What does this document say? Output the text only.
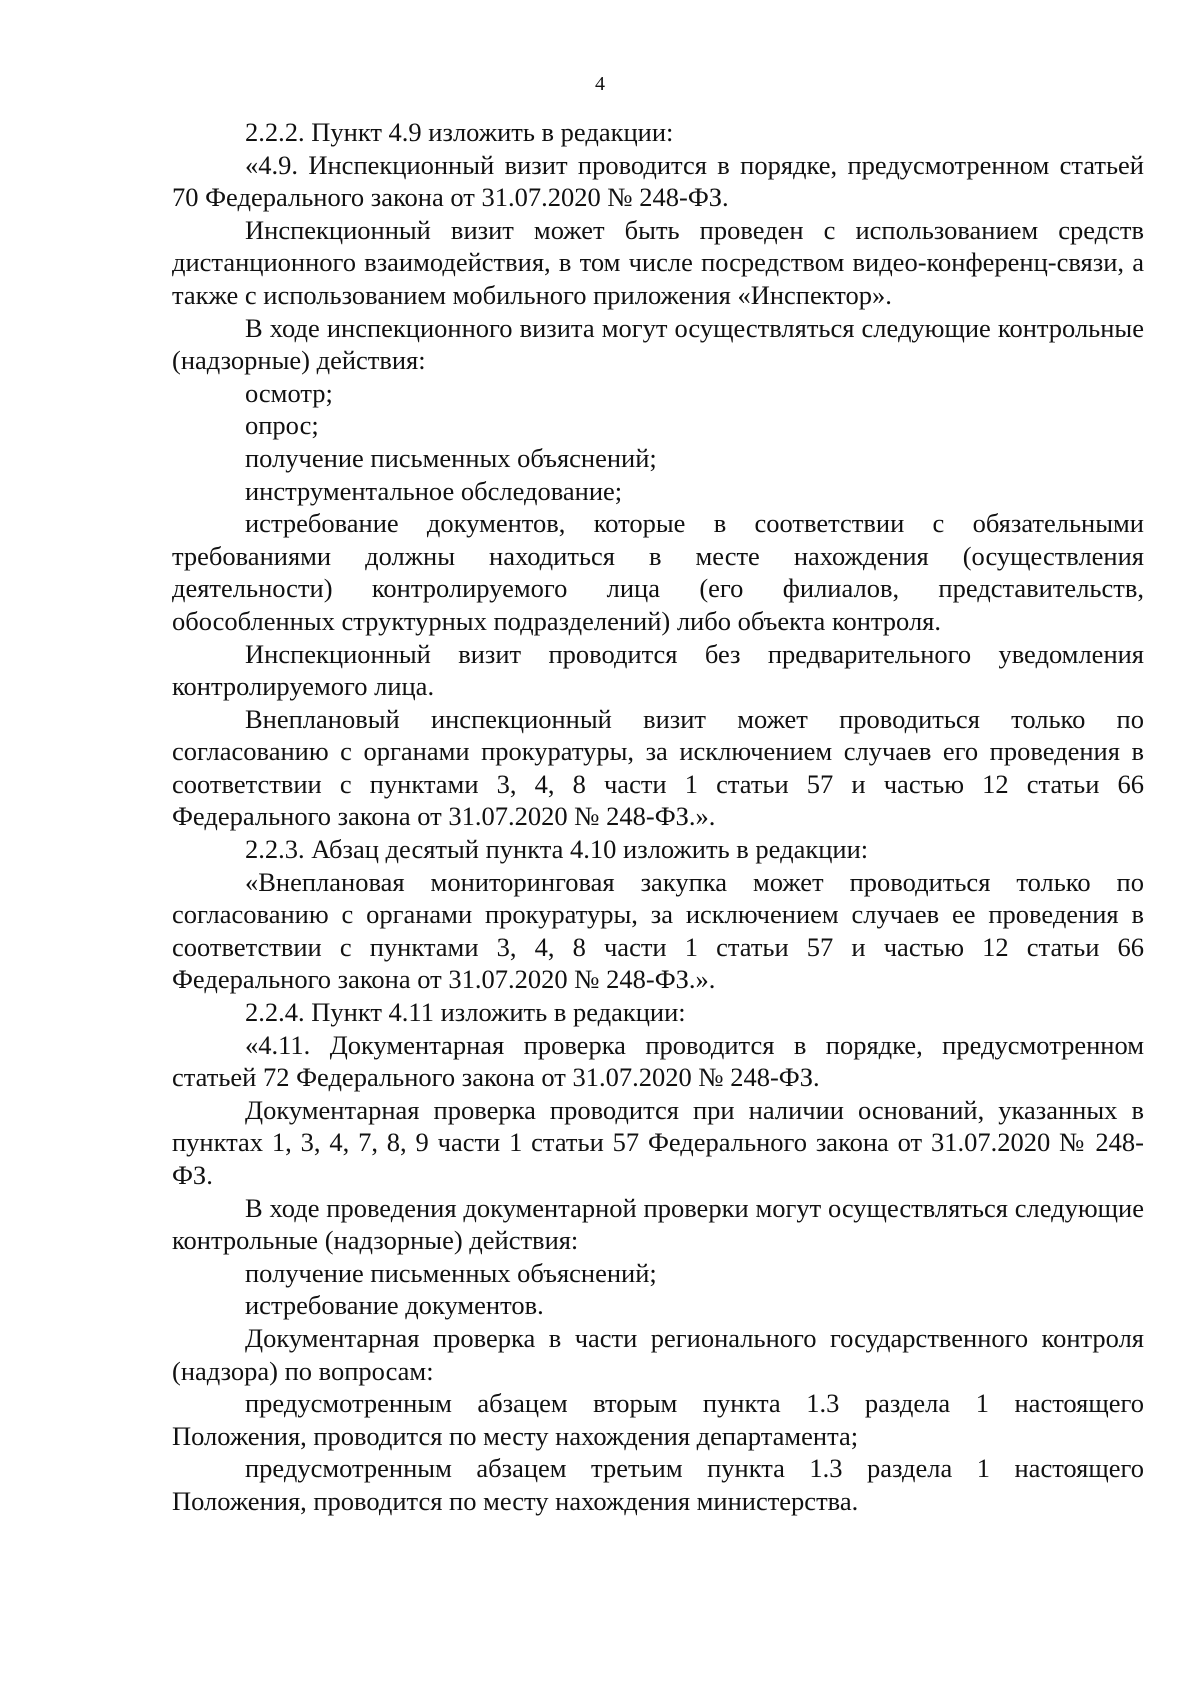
4

2.2.2. Пункт 4.9 изложить в редакции:

«4.9. Инспекционный визит проводится в порядке, предусмотренном статьей 70 Федерального закона от 31.07.2020 № 248-ФЗ.

Инспекционный визит может быть проведен с использованием средств дистанционного взаимодействия, в том числе посредством видео-конференц-связи, а также с использованием мобильного приложения «Инспектор».

В ходе инспекционного визита могут осуществляться следующие контрольные (надзорные) действия:

осмотр;

опрос;

получение письменных объяснений;

инструментальное обследование;

истребование документов, которые в соответствии с обязательными требованиями должны находиться в месте нахождения (осуществления деятельности) контролируемого лица (его филиалов, представительств, обособленных структурных подразделений) либо объекта контроля.

Инспекционный визит проводится без предварительного уведомления контролируемого лица.

Внеплановый инспекционный визит может проводиться только по согласованию с органами прокуратуры, за исключением случаев его проведения в соответствии с пунктами 3, 4, 8 части 1 статьи 57 и частью 12 статьи 66 Федерального закона от 31.07.2020 № 248-ФЗ.».

2.2.3. Абзац десятый пункта 4.10 изложить в редакции:

«Внеплановая мониторинговая закупка может проводиться только по согласованию с органами прокуратуры, за исключением случаев ее проведения в соответствии с пунктами 3, 4, 8 части 1 статьи 57 и частью 12 статьи 66 Федерального закона от 31.07.2020 № 248-ФЗ.».

2.2.4. Пункт 4.11 изложить в редакции:

«4.11. Документарная проверка проводится в порядке, предусмотренном статьей 72 Федерального закона от 31.07.2020 № 248-ФЗ.

Документарная проверка проводится при наличии оснований, указанных в пунктах 1, 3, 4, 7, 8, 9 части 1 статьи 57 Федерального закона от 31.07.2020 № 248-ФЗ.

В ходе проведения документарной проверки могут осуществляться следующие контрольные (надзорные) действия:

получение письменных объяснений;

истребование документов.

Документарная проверка в части регионального государственного контроля (надзора) по вопросам:

предусмотренным абзацем вторым пункта 1.3 раздела 1 настоящего Положения, проводится по месту нахождения департамента;

предусмотренным абзацем третьим пункта 1.3 раздела 1 настоящего Положения, проводится по месту нахождения министерства.
